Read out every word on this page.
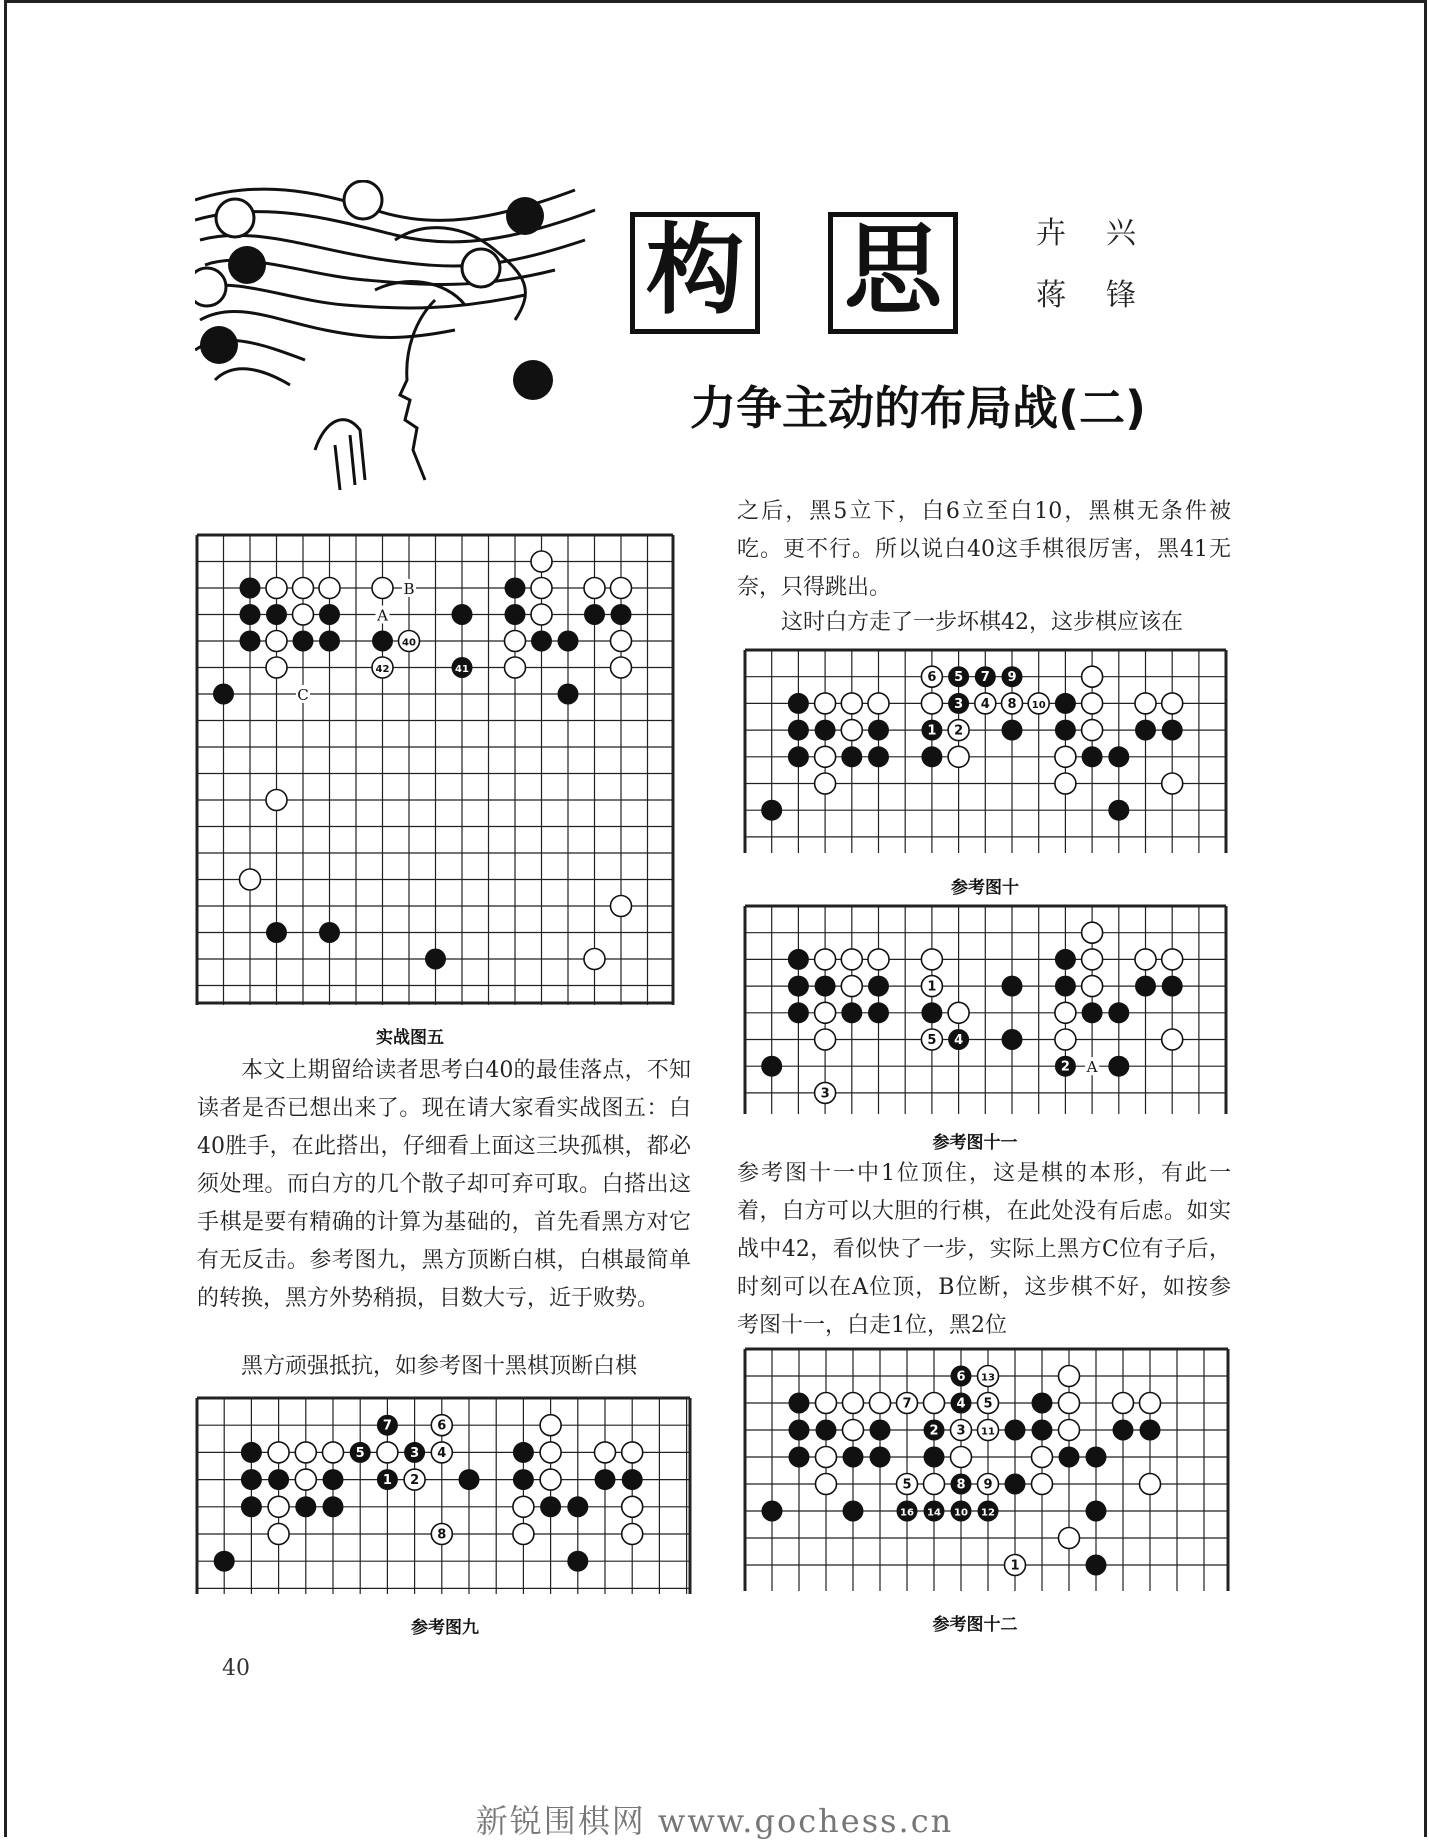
构 思	卉兴
蒋锋
力争主动的布局战(二)
B
A
C
40
42	41
实战图五
7	6
5	3 4
1 2
8
参考图九
6 5 7 9
3 4 8 10
1 2
参考图十
A
1
5 4
2
3
参考图十一
6 13
7	4 5
2 3 11
5	8 9
16 14 10 12
1
参考图十二

本文上期留给读者思考白40的最佳落点，不知读者是否已想出来了。现在请大家看实战图五：白40胜手，在此搭出，仔细看上面这三块孤棋，都必须处理。而白方的几个散子却可弃可取。白搭出这手棋是要有精确的计算为基础的，首先看黑方对它有无反击。参考图九，黑方顶断白棋，白棋最简单的转换，黑方外势稍损，目数大亏，近于败势。

黑方顽强抵抗，如参考图十黑棋顶断白棋

之后，黑5立下，白6立至白10，黑棋无条件被吃。更不行。所以说白40这手棋很厉害，黑41无奈，只得跳出。

这时白方走了一步坏棋42，这步棋应该在

参考图十一中1位顶住，这是棋的本形，有此一着，白方可以大胆的行棋，在此处没有后虑。如实战中42，看似快了一步，实际上黑方C位有子后，时刻可以在A位顶，B位断，这步棋不好，如按参考图十一，白走1位，黑2位

40
新锐围棋网 www.gochess.cn
